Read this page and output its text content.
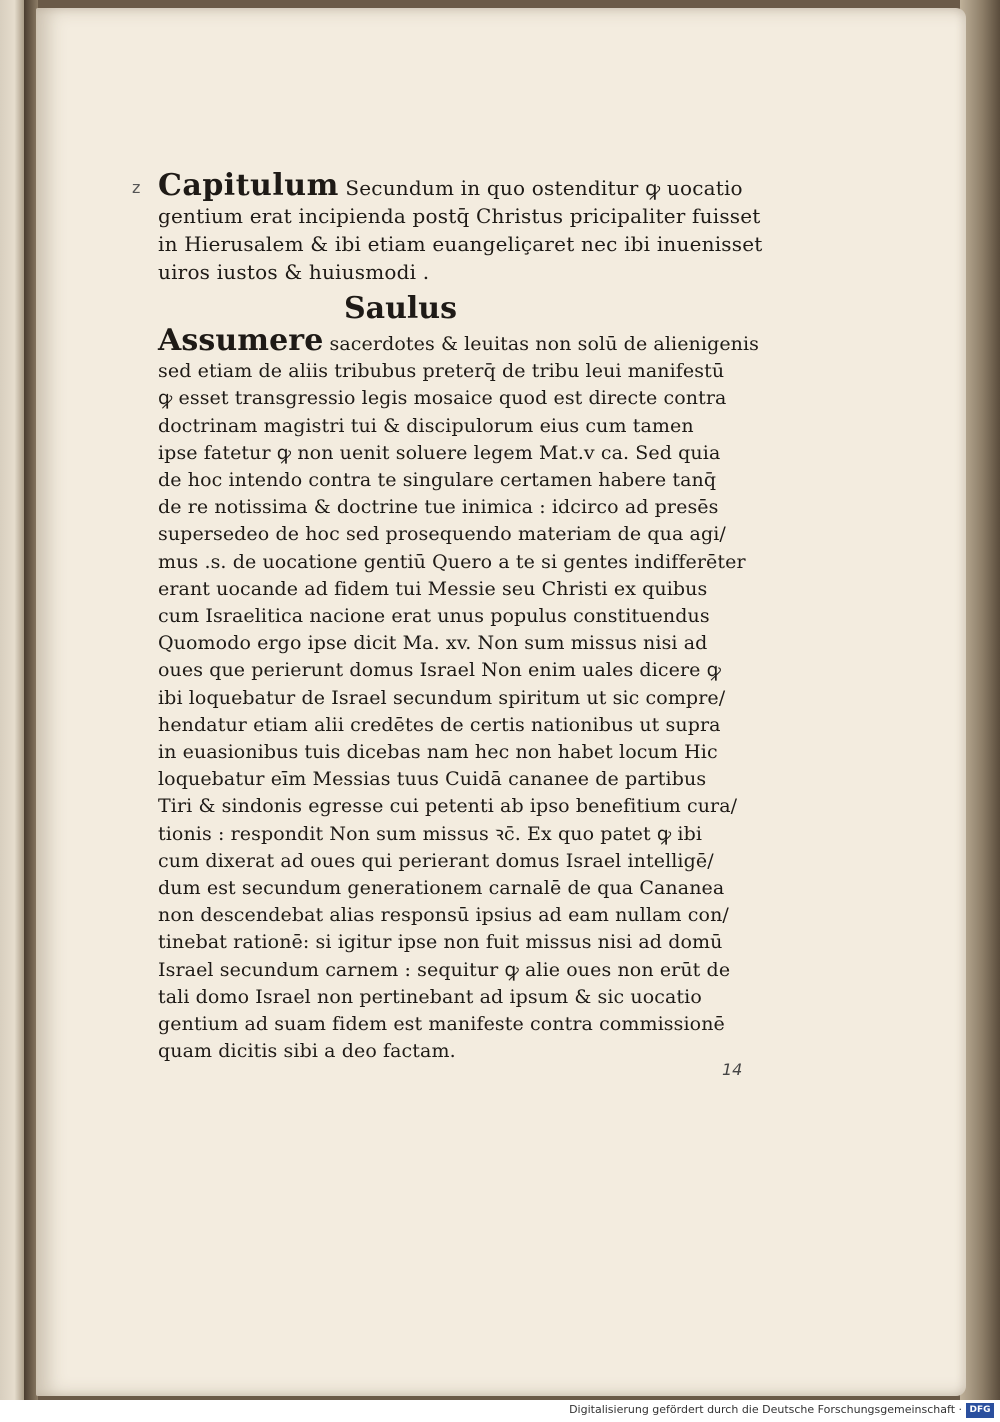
z Capitulum Secundum in quo ostenditur ꝙ uocatio

gentium erat incipienda postq̄ Christus pricipaliter fuisset

in Hierusalem & ibi etiam euangeliçaret nec ibi inuenisset

uiros iustos & huiusmodi .

Saulus

Assumere sacerdotes & leuitas non solū de alienigenis

sed etiam de aliis tribubus preterq̄ de tribu leui manifestū

ꝙ esset transgressio legis mosaice quod est directe contra

doctrinam magistri tui & discipulorum eius cum tamen

ipse fatetur ꝙ non uenit soluere legem Mat.v ca. Sed quia

de hoc intendo contra te singulare certamen habere tanq̄

de re notissima & doctrine tue inimica : idcirco ad presēs

supersedeo de hoc sed prosequendo materiam de qua agi/

mus .s. de uocatione gentiū Quero a te si gentes indifferēter

erant uocande ad fidem tui Messie seu Christi ex quibus

cum Israelitica nacione erat unus populus constituendus

Quomodo ergo ipse dicit Ma. xv. Non sum missus nisi ad

oues que perierunt domus Israel Non enim uales dicere ꝙ

ibi loquebatur de Israel secundum spiritum ut sic compre/

hendatur etiam alii credētes de certis nationibus ut supra

in euasionibus tuis dicebas nam hec non habet locum Hic

loquebatur eīm Messias tuus Cuidā cananee de partibus

Tiri & sindonis egresse cui petenti ab ipso benefitium cura/

tionis : respondit Non sum missus ꝛc̄. Ex quo patet ꝙ ibi

cum dixerat ad oues qui perierant domus Israel intelligē/

dum est secundum generationem carnalē de qua Cananea

non descendebat alias responsū ipsius ad eam nullam con/

tinebat rationē: si igitur ipse non fuit missus nisi ad domū

Israel secundum carnem : sequitur ꝙ alie oues non erūt de

tali domo Israel non pertinebant ad ipsum & sic uocatio

gentium ad suam fidem est manifeste contra commissionē

quam dicitis sibi a deo factam.

14
Digitalisierung gefördert durch die Deutsche Forschungsgemeinschaft · DFG
